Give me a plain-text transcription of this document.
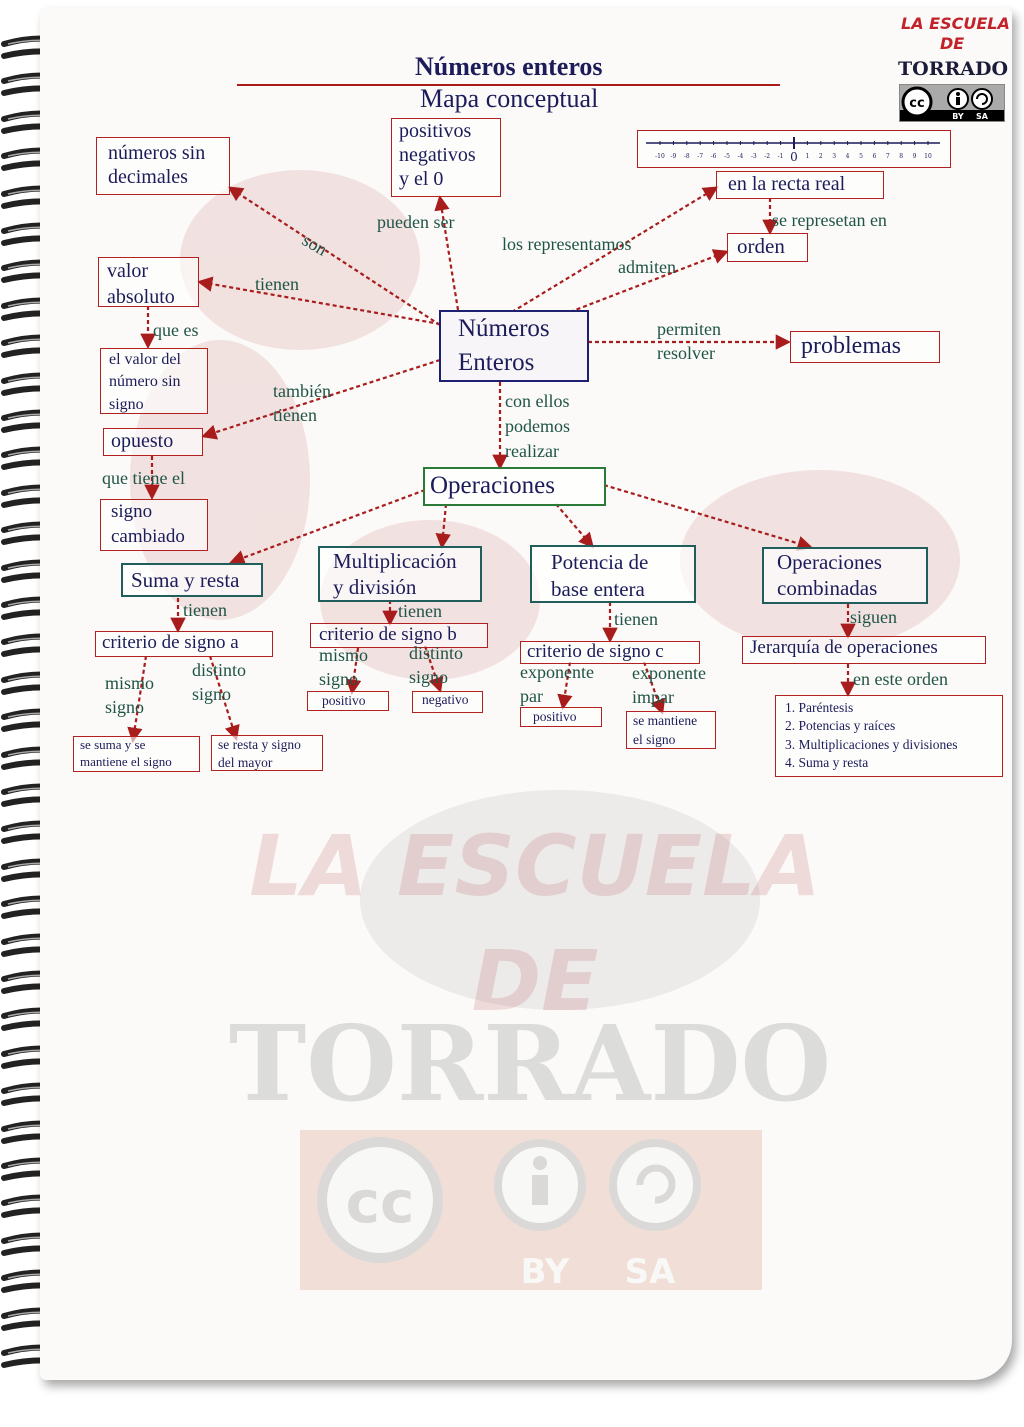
LA ESCUELA
DE
TORRADO
cc
BY SA
Números enteros
Mapa conceptual
LA ESCUELA
DE
TORRADO
cc
BY SA
-10 -9 -8 -7 -6 -5 -4 -3 -2 -1 0 1 2 3 4 5 6 7 8 9 10
números sin
decimales
positivos
negativos
y el 0	en la recta real
orden
valor
absoluto
el valor del
número sin
signo
problemas
opuesto
signo
cambiado
Números
Enteros
Operaciones
Suma y resta
Multiplicación
y división
Potencia de
base entera
Operaciones
combinadas
criterio de signo a	criterio de signo b
criterio de signo c	Jerarquía de operaciones
se suma y se
mantiene el signo
se resta y signo
del mayor
positivo	negativo
positivo	se mantiene
el signo
1. Paréntesis
2. Potencias y raíces
3. Multiplicaciones y divisiones
4. Suma y resta
son
pueden ser
los representamos
se represetan en
admiten
tienen
que es	permiten
resolver
también
tienen
con ellos
podemos
realizar
que tiene el
tienen	tienen	tienen	siguen
en este orden
mismo
signo
distinto
signo
mismo
signo
distinto
signo	exponente
par
exponente
impar
